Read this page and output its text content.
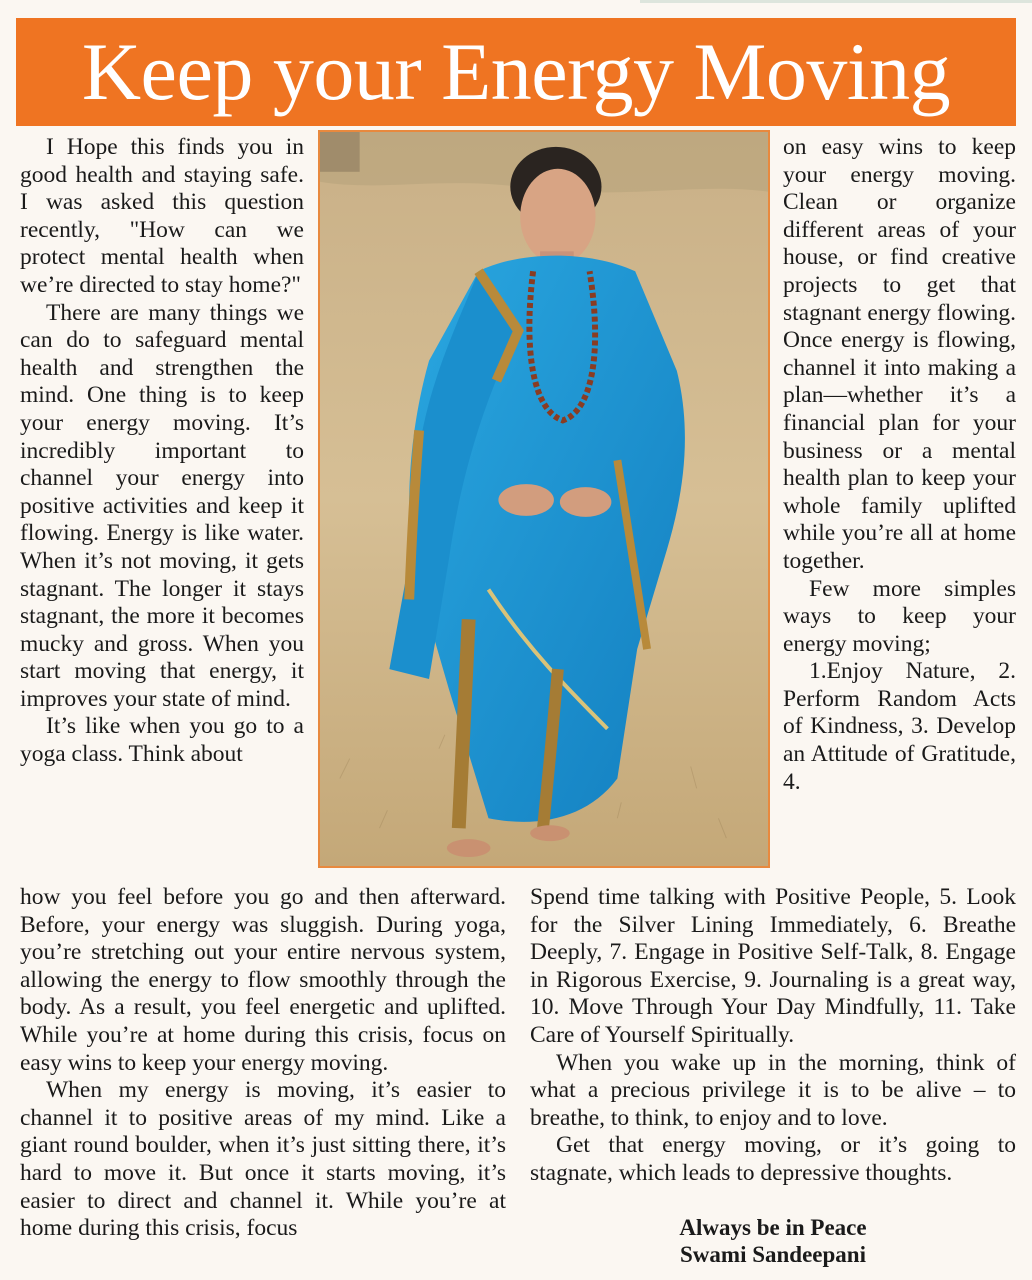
Keep your Energy Moving

I Hope this finds you in good health and staying safe. I was asked this question recently, "How can we protect mental health when we’re directed to stay home?"

There are many things we can do to safeguard mental health and strengthen the mind. One thing is to keep your energy moving. It’s incredibly important to channel your energy into positive activities and keep it flowing. Energy is like water. When it’s not moving, it gets stagnant. The longer it stays stagnant, the more it becomes mucky and gross. When you start moving that energy, it improves your state of mind.

It’s like when you go to a yoga class. Think about

on easy wins to keep your energy moving. Clean or organize different areas of your house, or find creative projects to get that stagnant energy flowing. Once energy is flowing, channel it into making a plan—whether it’s a financial plan for your business or a mental health plan to keep your whole family uplifted while you’re all at home together.

Few more simples ways to keep your energy moving;

1.Enjoy Nature, 2. Perform Random Acts of Kindness, 3. Develop an Attitude of Gratitude, 4.

how you feel before you go and then afterward. Before, your energy was sluggish. During yoga, you’re stretching out your entire nervous system, allowing the energy to flow smoothly through the body. As a result, you feel energetic and uplifted. While you’re at home during this crisis, focus on easy wins to keep your energy moving.

When my energy is moving, it’s easier to channel it to positive areas of my mind. Like a giant round boulder, when it’s just sitting there, it’s hard to move it. But once it starts moving, it’s easier to direct and channel it. While you’re at home during this crisis, focus

Spend time talking with Positive People, 5. Look for the Silver Lining Immediately, 6. Breathe Deeply, 7. Engage in Positive Self-Talk, 8. Engage in Rigorous Exercise, 9. Journaling is a great way, 10. Move Through Your Day Mindfully, 11. Take Care of Yourself Spiritually.

When you wake up in the morning, think of what a precious privilege it is to be alive – to breathe, to think, to enjoy and to love.

Get that energy moving, or it’s going to stagnate, which leads to depressive thoughts.

Always be in Peace
Swami Sandeepani
